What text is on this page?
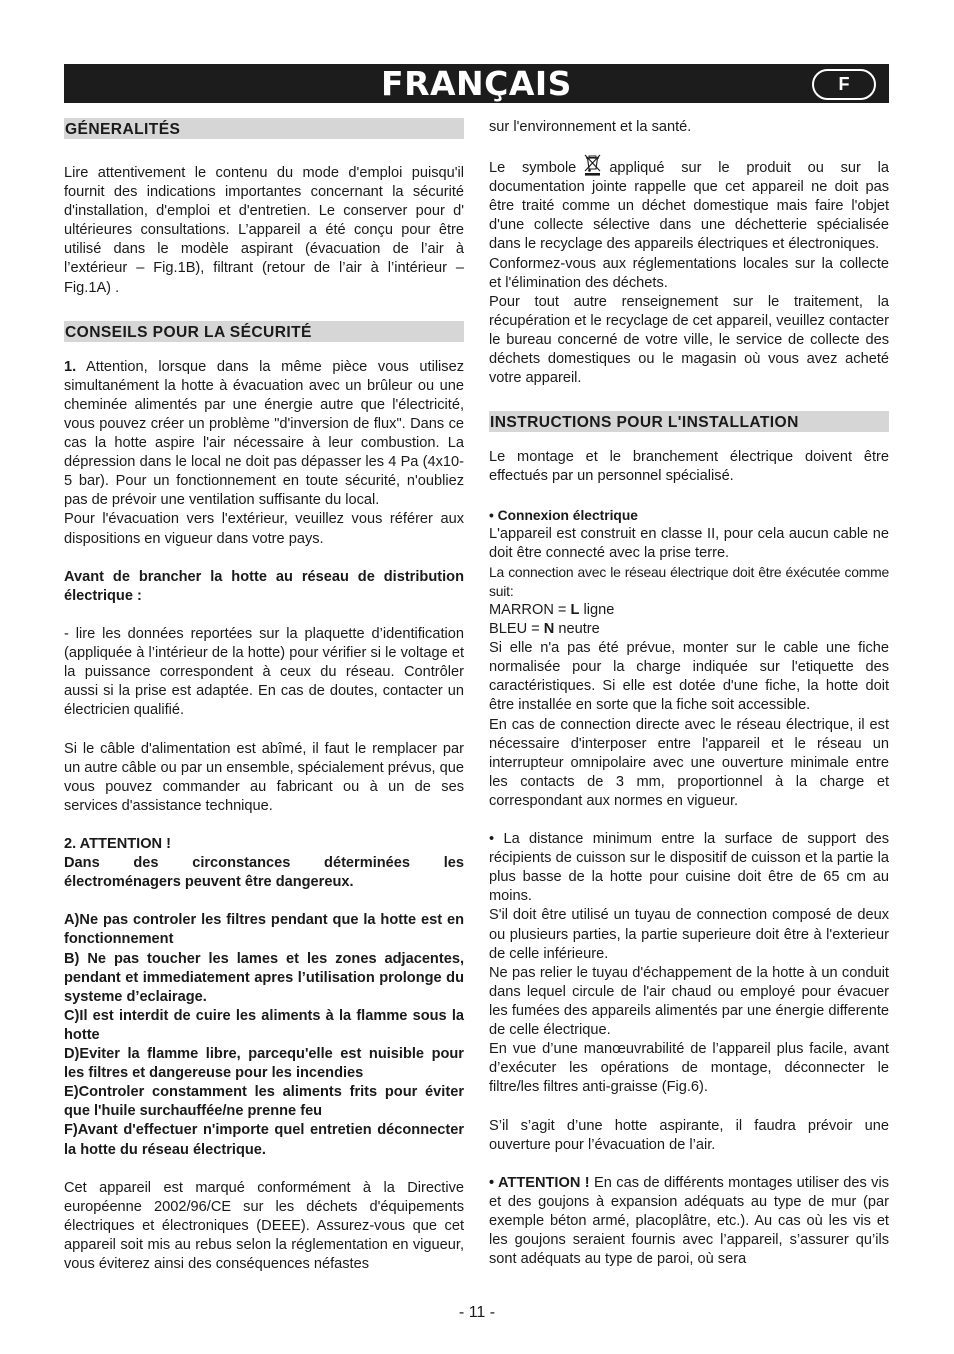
FRANÇAIS	F
GÉNERALITÉS

Lire attentivement le contenu du mode d'emploi puisqu'il fournit des indications importantes concernant la sécurité d'installation, d'emploi et d'entretien. Le conserver pour d' ultérieures consultations. L’appareil a été conçu pour être utilisé dans le modèle aspirant (évacuation de l’air à l’extérieur – Fig.1B), filtrant (retour de l’air à l’intérieur – Fig.1A) .

CONSEILS POUR LA SÉCURITÉ

1. Attention, lorsque dans la même pièce vous utilisez simultanément la hotte à évacuation avec un brûleur ou une cheminée alimentés par une énergie autre que l'électricité, vous pouvez créer un problème "d'inversion de flux". Dans ce cas la hotte aspire l'air nécessaire à leur combustion. La dépression dans le local ne doit pas dépasser les 4 Pa (4x10-5 bar). Pour un fonctionnement en toute sécurité, n'oubliez pas de prévoir une ventilation suffisante du local.

Pour l'évacuation vers l'extérieur, veuillez vous référer aux dispositions en vigueur dans votre pays.

Avant de brancher la hotte au réseau de distribution électrique :

- lire les données reportées sur la plaquette d’identification (appliquée à l’intérieur de la hotte) pour vérifier si le voltage et la puissance correspondent à ceux du réseau. Contrôler aussi si la prise est adaptée. En cas de doutes, contacter un électricien qualifié.

Si le câble d'alimentation est abîmé, il faut le remplacer par un autre câble ou par un ensemble, spécialement prévus, que vous pouvez commander au fabricant ou à un de ses services d'assistance technique.

2. ATTENTION !

Dans des circonstances déterminées les électroménagers peuvent être dangereux.

A)Ne pas controler les filtres pendant que la hotte est en fonctionnement

B) Ne pas toucher les lames et les zones adjacentes, pendant et immediatement apres l’utilisation prolonge du systeme d’eclairage.

C)Il est interdit de cuire les aliments à la flamme sous la hotte

D)Eviter la flamme libre, parcequ'elle est nuisible pour les filtres et dangereuse pour les incendies

E)Controler constamment les aliments frits pour éviter que l'huile surchauffée/ne prenne feu

F)Avant d'effectuer n'importe quel entretien déconnecter la hotte du réseau électrique.

Cet appareil est marqué conformément à la Directive européenne 2002/96/CE sur les déchets d'équipements électriques et électroniques (DEEE). Assurez-vous que cet appareil soit mis au rebus selon la réglementation en vigueur, vous éviterez ainsi des conséquences néfastes

sur l'environnement et la santé.

Le symbole appliqué sur le produit ou sur la documentation jointe rappelle que cet appareil ne doit pas être traité comme un déchet domestique mais faire l'objet d'une collecte sélective dans une déchetterie spécialisée dans le recyclage des appareils électriques et électroniques.

Conformez-vous aux réglementations locales sur la collecte et l'élimination des déchets.

Pour tout autre renseignement sur le traitement, la récupération et le recyclage de cet appareil, veuillez contacter le bureau concerné de votre ville, le service de collecte des déchets domestiques ou le magasin où vous avez acheté votre appareil.

INSTRUCTIONS POUR L'INSTALLATION

Le montage et le branchement électrique doivent être effectués par un personnel spécialisé.

• Connexion électrique

L'appareil est construit en classe II, pour cela aucun cable ne doit être connecté avec la prise terre.

La connection avec le réseau électrique doit être éxécutée comme suit:

MARRON = L ligne

BLEU = N neutre

Si elle n'a pas été prévue, monter sur le cable une fiche normalisée pour la charge indiquée sur l'etiquette des caractéristiques. Si elle est dotée d'une fiche, la hotte doit être installée en sorte que la fiche soit accessible.

En cas de connection directe avec le réseau électrique, il est nécessaire d'interposer entre l'appareil et le réseau un interrupteur omnipolaire avec une ouverture minimale entre les contacts de 3 mm, proportionnel à la charge et correspondant aux normes en vigueur.

• La distance minimum entre la surface de support des récipients de cuisson sur le dispositif de cuisson et la partie la plus basse de la hotte pour cuisine doit être de 65 cm au moins.

S'il doit être utilisé un tuyau de connection composé de deux ou plusieurs parties, la partie superieure doit être à l'exterieur de celle inférieure.

Ne pas relier le tuyau d'échappement de la hotte à un conduit dans lequel circule de l'air chaud ou employé pour évacuer les fumées des appareils alimentés par une énergie differente de celle électrique.

En vue d’une manœuvrabilité de l’appareil plus facile, avant d’exécuter les opérations de montage, déconnecter le filtre/les filtres anti-graisse (Fig.6).

S’il s’agit d’une hotte aspirante, il faudra prévoir une ouverture pour l’évacuation de l’air.

• ATTENTION ! En cas de différents montages utiliser des vis et des goujons à expansion adéquats au type de mur (par exemple béton armé, placoplâtre, etc.). Au cas où les vis et les goujons seraient fournis avec l’appareil, s’assurer qu’ils sont adéquats au type de paroi, où sera

- 11 -
